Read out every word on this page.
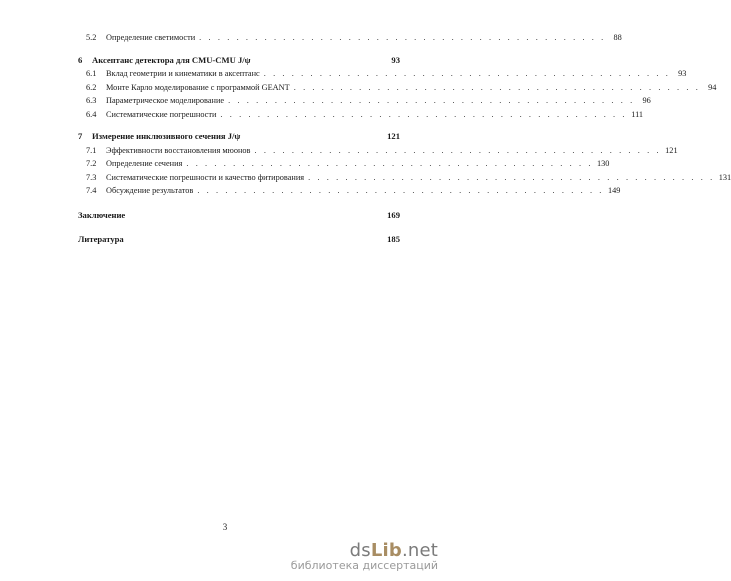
5.2	Определение светимости . . . . . . . . . . . . . . . . . . . . . . . . . . . . . . . . . . . . . . . . . . . . 88
6	Аксептанс детектора для CMU-CMU J/ψ	93
6.1	Вклад геометрии и кинематики в аксептанс . . . . . . . . . . . . . . . . . . . . . . . . . . . . . . . . . . . . . . . . . . . . 93
6.2	Монте Карло моделирование с программой GEANT . . . . . . . . . . . . . . . . . . . . . . . . . . . . . . . . . . . . . . . . . . . . 94
6.3	Параметрическое моделирование . . . . . . . . . . . . . . . . . . . . . . . . . . . . . . . . . . . . . . . . . . . . 96
6.4	Систематические погрешности . . . . . . . . . . . . . . . . . . . . . . . . . . . . . . . . . . . . . . . . . . . . 111
7	Измерение инклюзивного сечения J/ψ	121
7.1	Эффективности восстановления мюонов . . . . . . . . . . . . . . . . . . . . . . . . . . . . . . . . . . . . . . . . . . . . 121
7.2	Определение сечения . . . . . . . . . . . . . . . . . . . . . . . . . . . . . . . . . . . . . . . . . . . . 130
7.3	Систематические погрешности и качество фитирования . . . . . . . . . . . . . . . . . . . . . . . . . . . . . . . . . . . . . . . . . . . . 131
7.4	Обсуждение результатов . . . . . . . . . . . . . . . . . . . . . . . . . . . . . . . . . . . . . . . . . . . . 149
Заключение	169
Литература	185
3
dsLib.net
библиотека диссертаций
